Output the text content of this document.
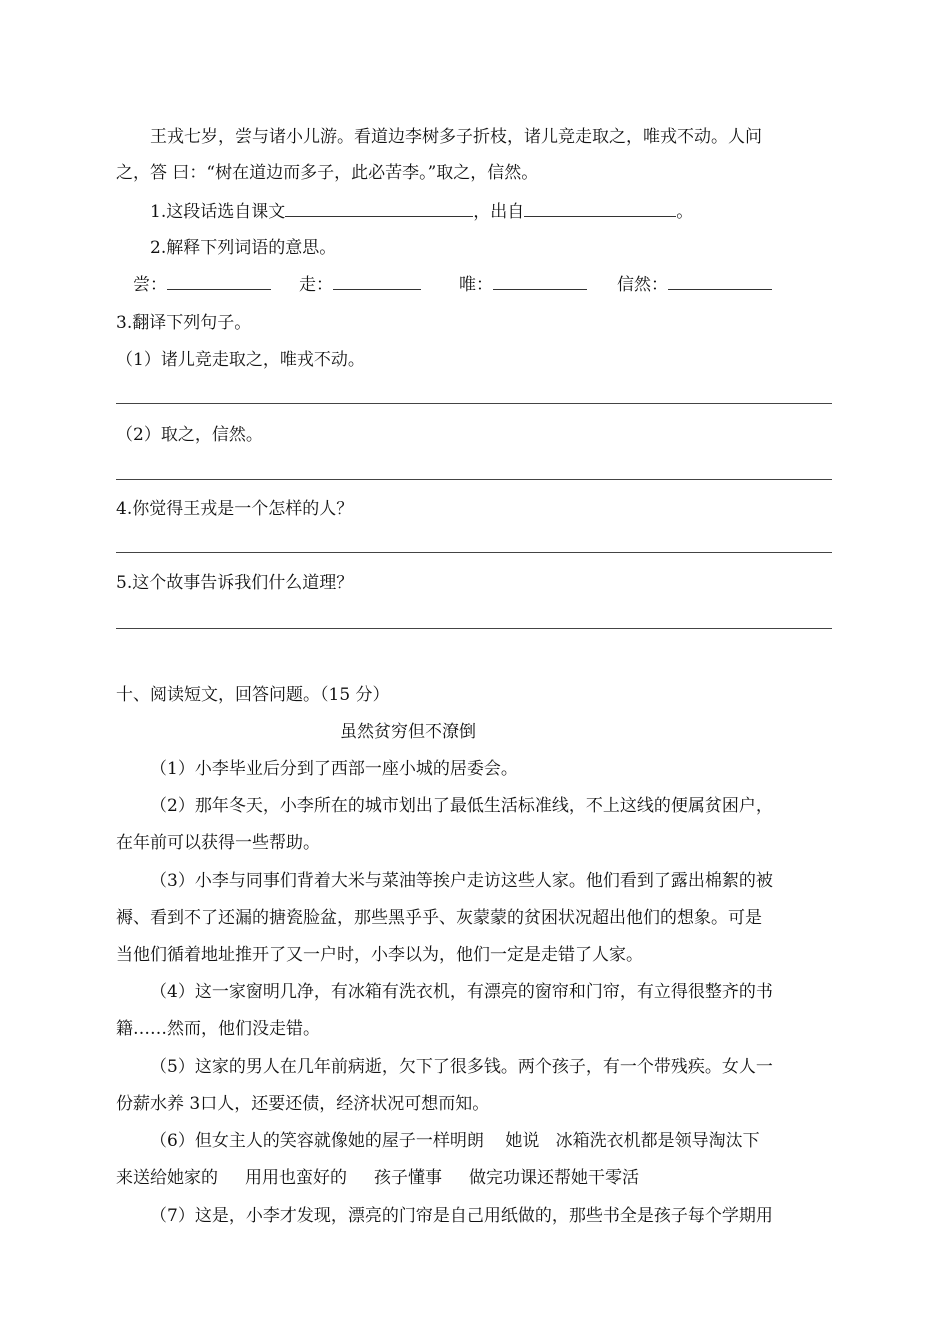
王戎七岁，尝与诸小儿游。看道边李树多子折枝，诸儿竞走取之，唯戎不动。人问
之，答 曰：“树在道边而多子，此必苦李。”取之，信然。
1.这段话选自课文	，出自	。
2.解释下列词语的意思。
尝：	走：	唯：	信然：
3.翻译下列句子。
（1）诸儿竞走取之，唯戎不动。
（2）取之，信然。
4.你觉得王戎是一个怎样的人？
5.这个故事告诉我们什么道理？
十、阅读短文，回答问题。（15 分）
虽然贫穷但不潦倒
（1）小李毕业后分到了西部一座小城的居委会。
（2）那年冬天，小李所在的城市划出了最低生活标准线，不上这线的便属贫困户，
在年前可以获得一些帮助。
（3）小李与同事们背着大米与菜油等挨户走访这些人家。他们看到了露出棉絮的被
褥、看到不了还漏的搪瓷脸盆，那些黑乎乎、灰蒙蒙的贫困状况超出他们的想象。可是
当他们循着地址推开了又一户时，小李以为，他们一定是走错了人家。
（4）这一家窗明几净，有冰箱有洗衣机，有漂亮的窗帘和门帘，有立得很整齐的书
籍……然而，他们没走错。
（5）这家的男人在几年前病逝，欠下了很多钱。两个孩子，有一个带残疾。女人一
份薪水养 3口人，还要还债，经济状况可想而知。
（6）但女主人的笑容就像她的屋子一样明朗    她说   冰箱洗衣机都是领导淘汰下
来送给她家的     用用也蛮好的     孩子懂事     做完功课还帮她干零活
（7）这是，小李才发现，漂亮的门帘是自己用纸做的，那些书全是孩子每个学期用
